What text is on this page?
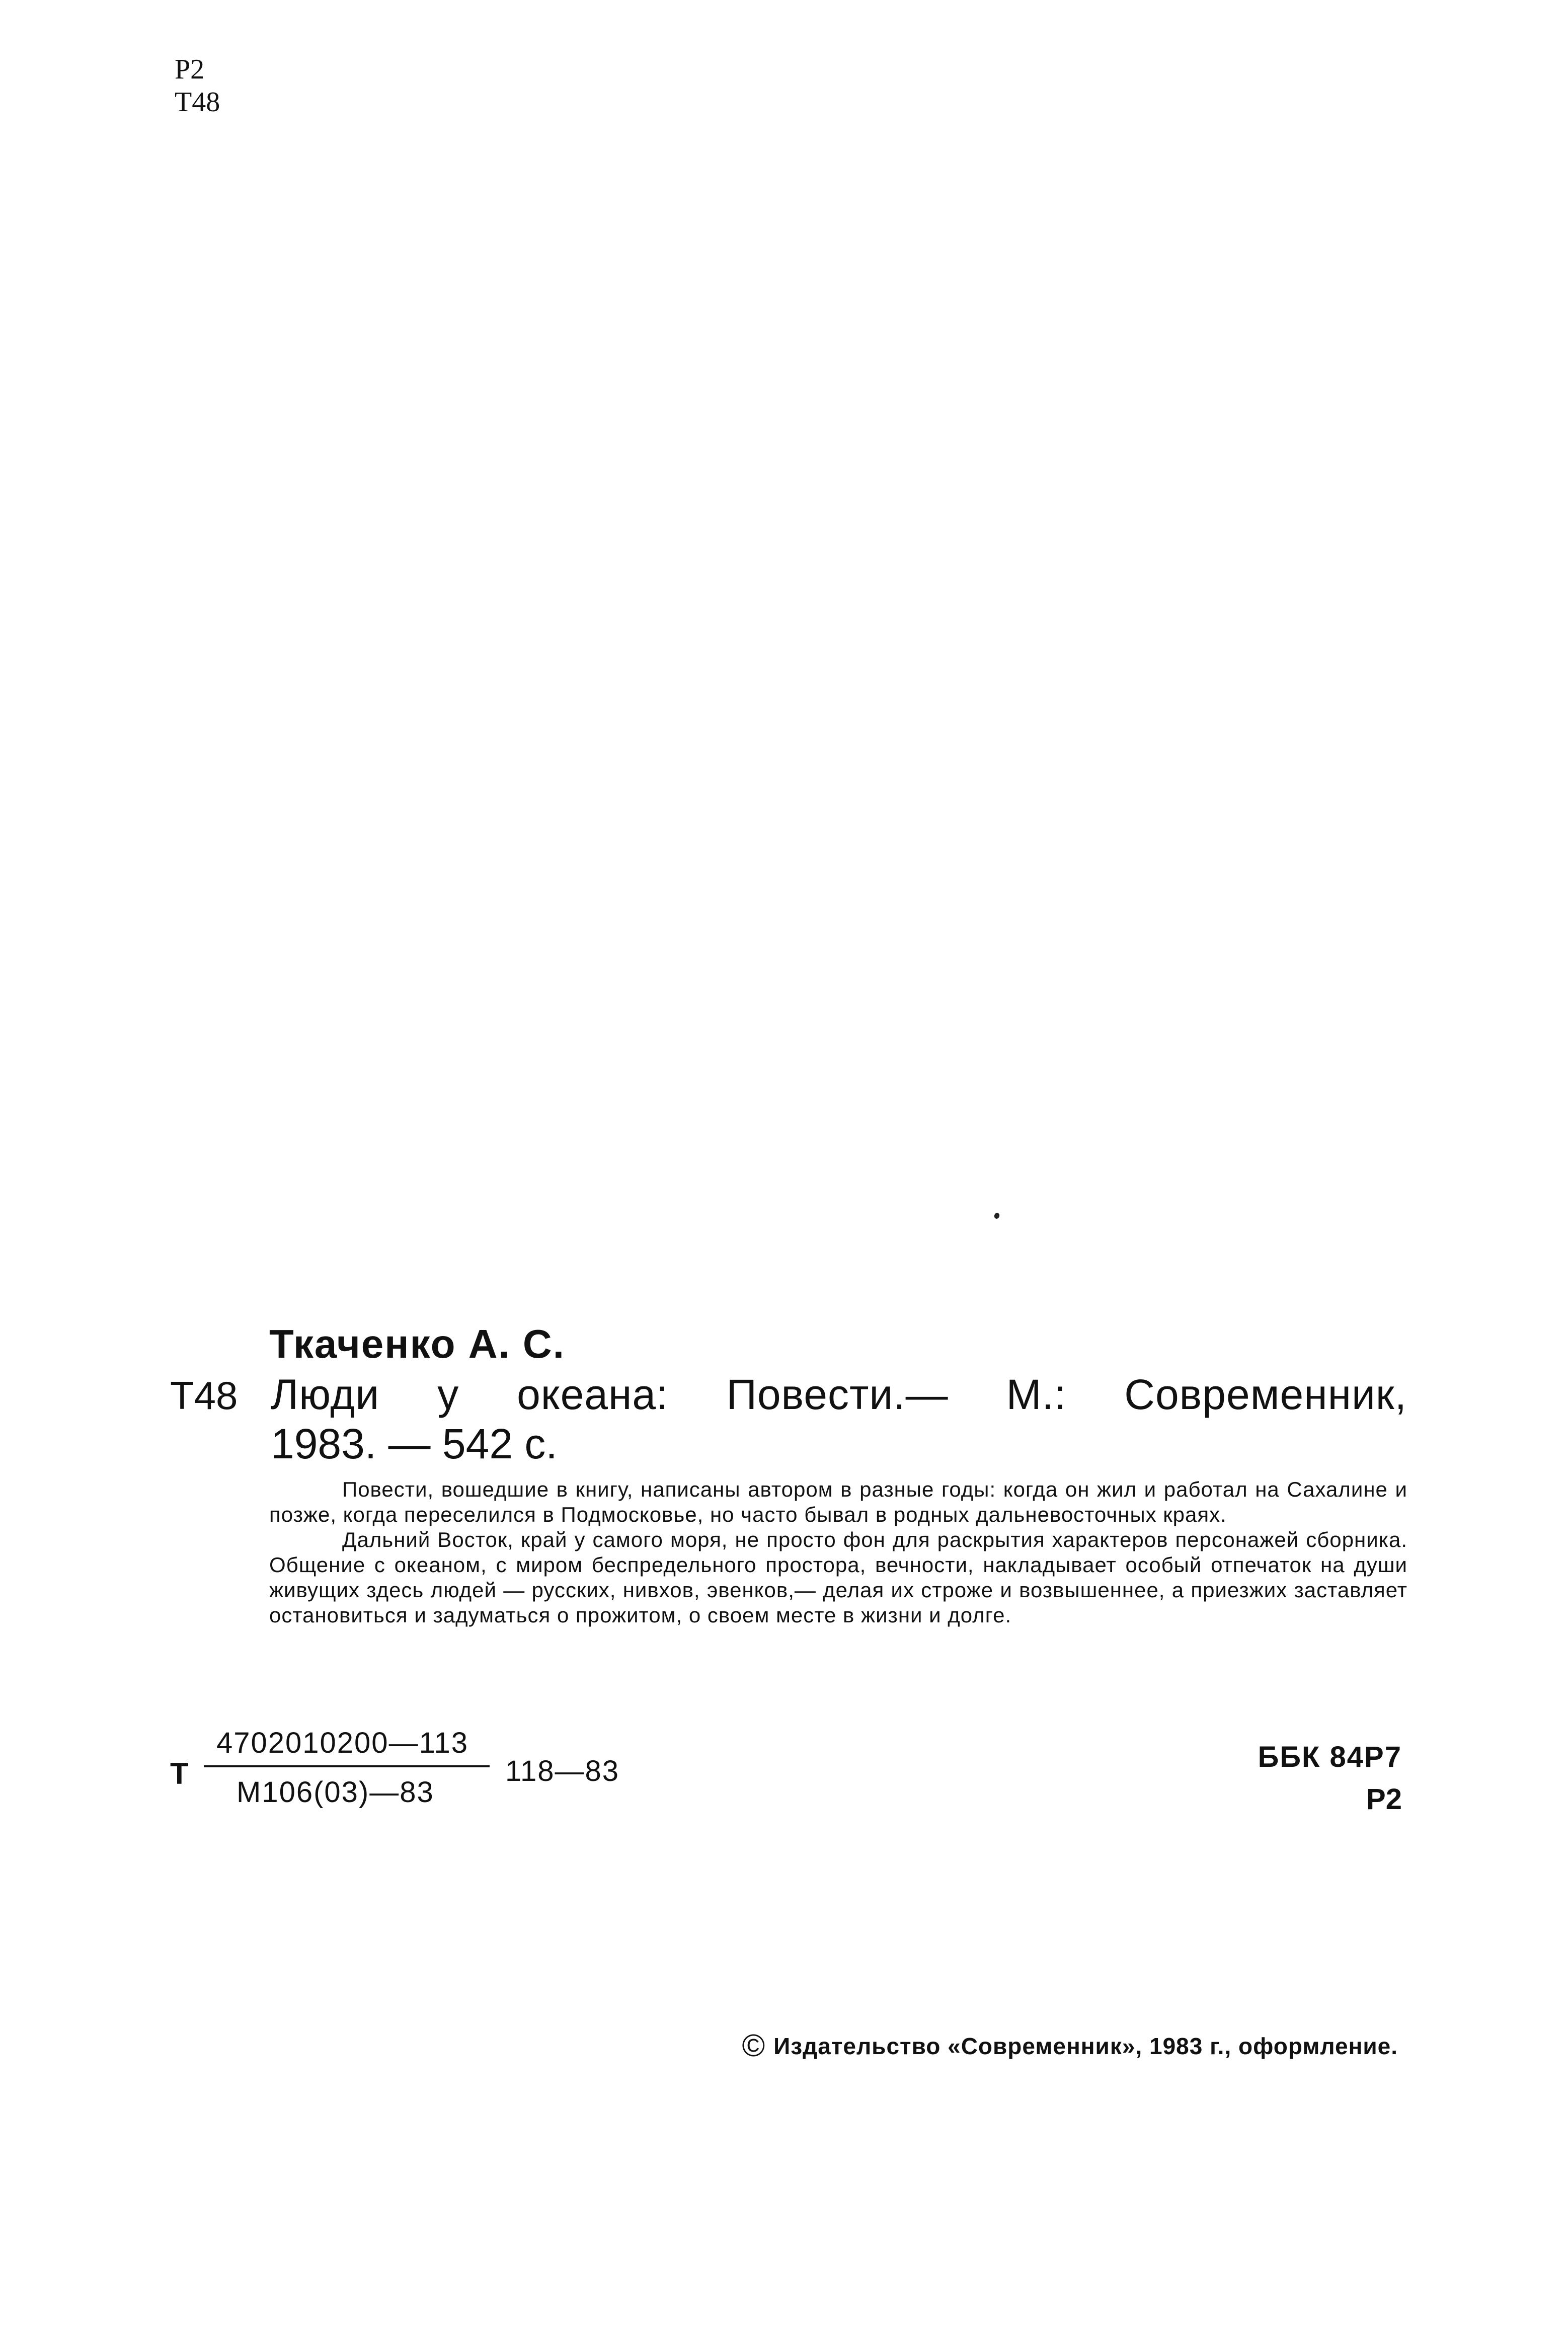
Р2
Т48
Ткаченко А. С.
Т48 Люди у океана: Повести.— М.: Современник,
1983. — 542 с.

Повести, вошедшие в книгу, написаны автором в разные годы: когда он жил и работал на Сахалине и позже, когда переселился в Подмосковье, но часто бывал в родных дальневосточных краях.

Дальний Восток, край у самого моря, не просто фон для раскрытия характеров персонажей сборника. Общение с океаном, с миром беспредельного простора, вечности, накладывает особый отпечаток на души живущих здесь людей — русских, нивхов, эвенков,— делая их строже и возвышеннее, а приезжих заставляет остановиться и задуматься о прожитом, о своем месте в жизни и долге.

Т
4702010200—113
М106(03)—83
118—83	ББК 84Р7
Р2
© Издательство «Современник», 1983 г., оформление.
